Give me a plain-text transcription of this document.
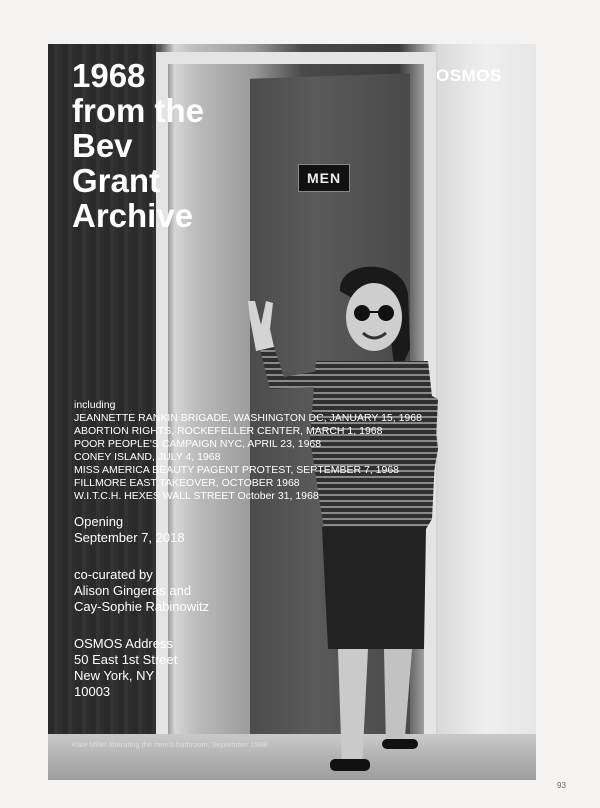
MEN
1968
from the
Bev
Grant
Archive
OSMOS
including
JEANNETTE RANKIN BRIGADE, WASHINGTON DC, JANUARY 15, 1968
ABORTION RIGHTS, ROCKEFELLER CENTER, MARCH 1, 1968
POOR PEOPLE'S CAMPAIGN NYC, APRIL 23, 1968
CONEY ISLAND, JULY 4, 1968
MISS AMERICA BEAUTY PAGENT PROTEST, SEPTEMBER 7, 1968
FILLMORE EAST TAKEOVER, OCTOBER 1968
W.I.T.C.H. HEXES WALL STREET October 31, 1968
Opening
September 7, 2018
co-curated by
Alison Gingeras and
Cay-Sophie Rabinowitz
OSMOS Address
50 East 1st Street
New York, NY
10003
Kate Millet liberating the men's bathroom, September 1968
93
